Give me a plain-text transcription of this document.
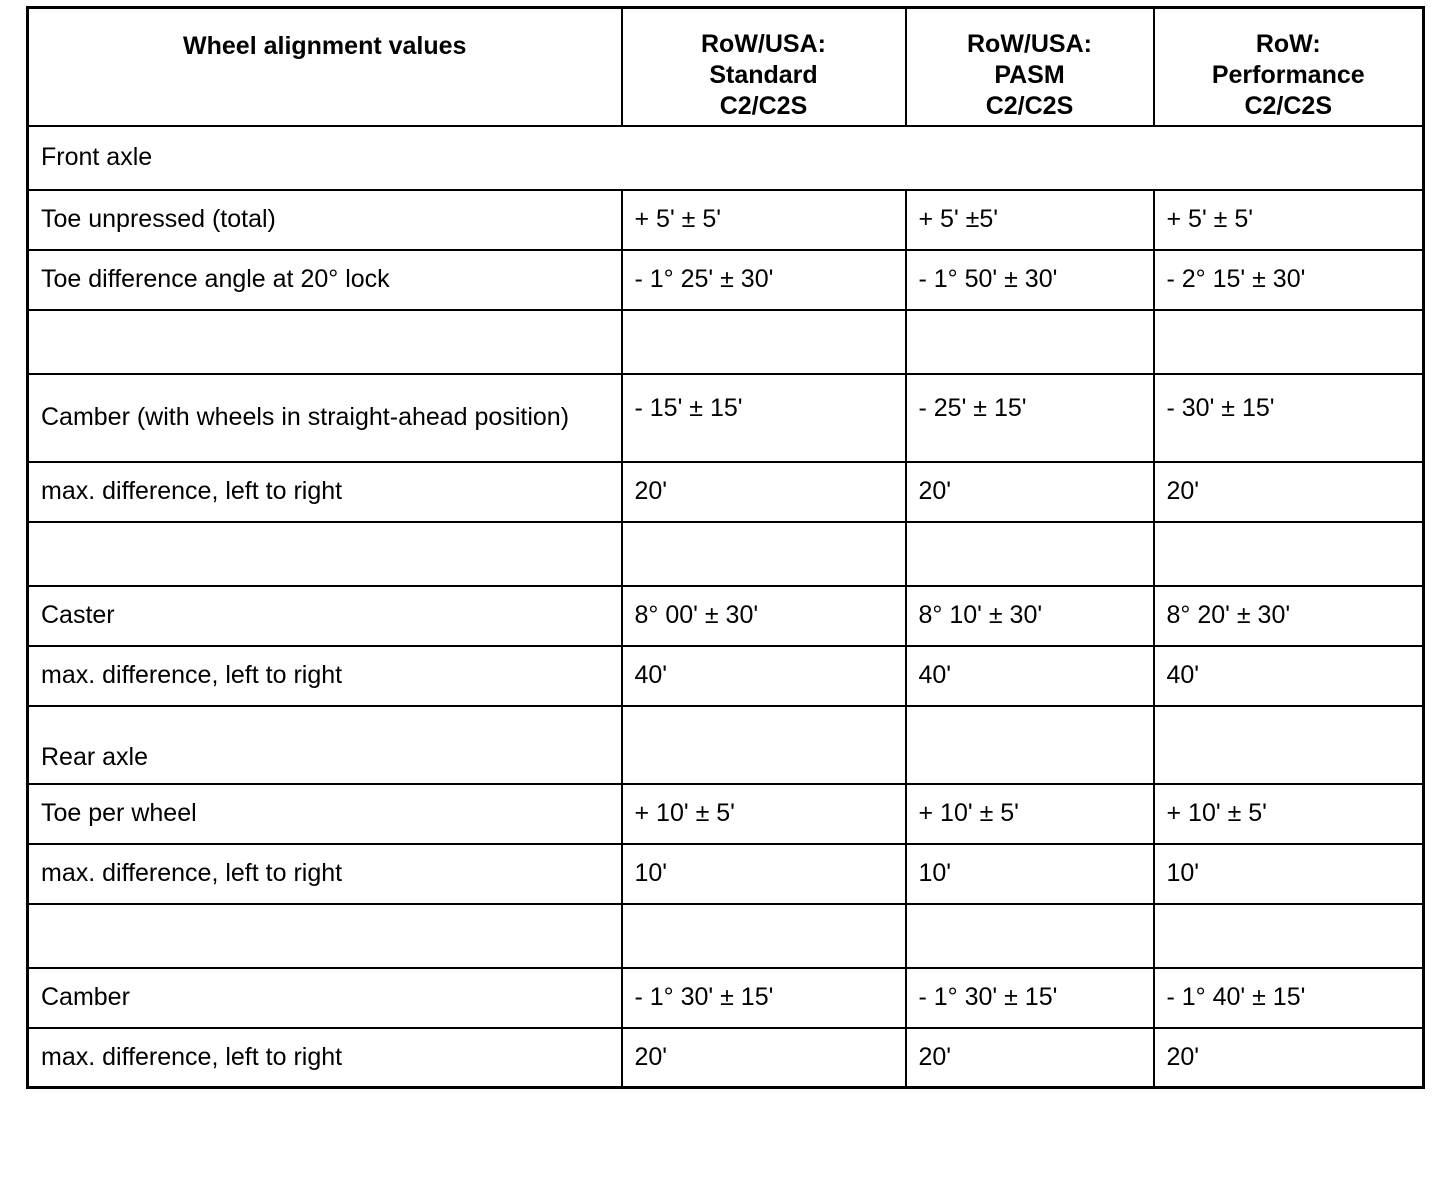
Wheel alignment values	RoW/USA:
Standard
C2/C2S	RoW/USA:
PASM
C2/C2S	RoW:
Performance
C2/C2S

Front axle			
Toe unpressed (total)	+ 5' ± 5'	+ 5' ±5'	+ 5' ± 5'
Toe difference angle at 20° lock	- 1° 25' ± 30'	- 1° 50' ± 30'	- 2° 15' ± 30'

Camber (with wheels in straight-ahead position)	- 15' ± 15'	- 25' ± 15'	- 30' ± 15'
max. difference, left to right	20'	20'	20'

Caster	8° 00' ± 30'	8° 10' ± 30'	8° 20' ± 30'
max. difference, left to right	40'	40'	40'
Rear axle			
Toe per wheel	+ 10' ± 5'	+ 10' ± 5'	+ 10' ± 5'
max. difference, left to right	10'	10'	10'

Camber	- 1° 30' ± 15'	- 1° 30' ± 15'	- 1° 40' ± 15'
max. difference, left to right	20'	20'	20'
